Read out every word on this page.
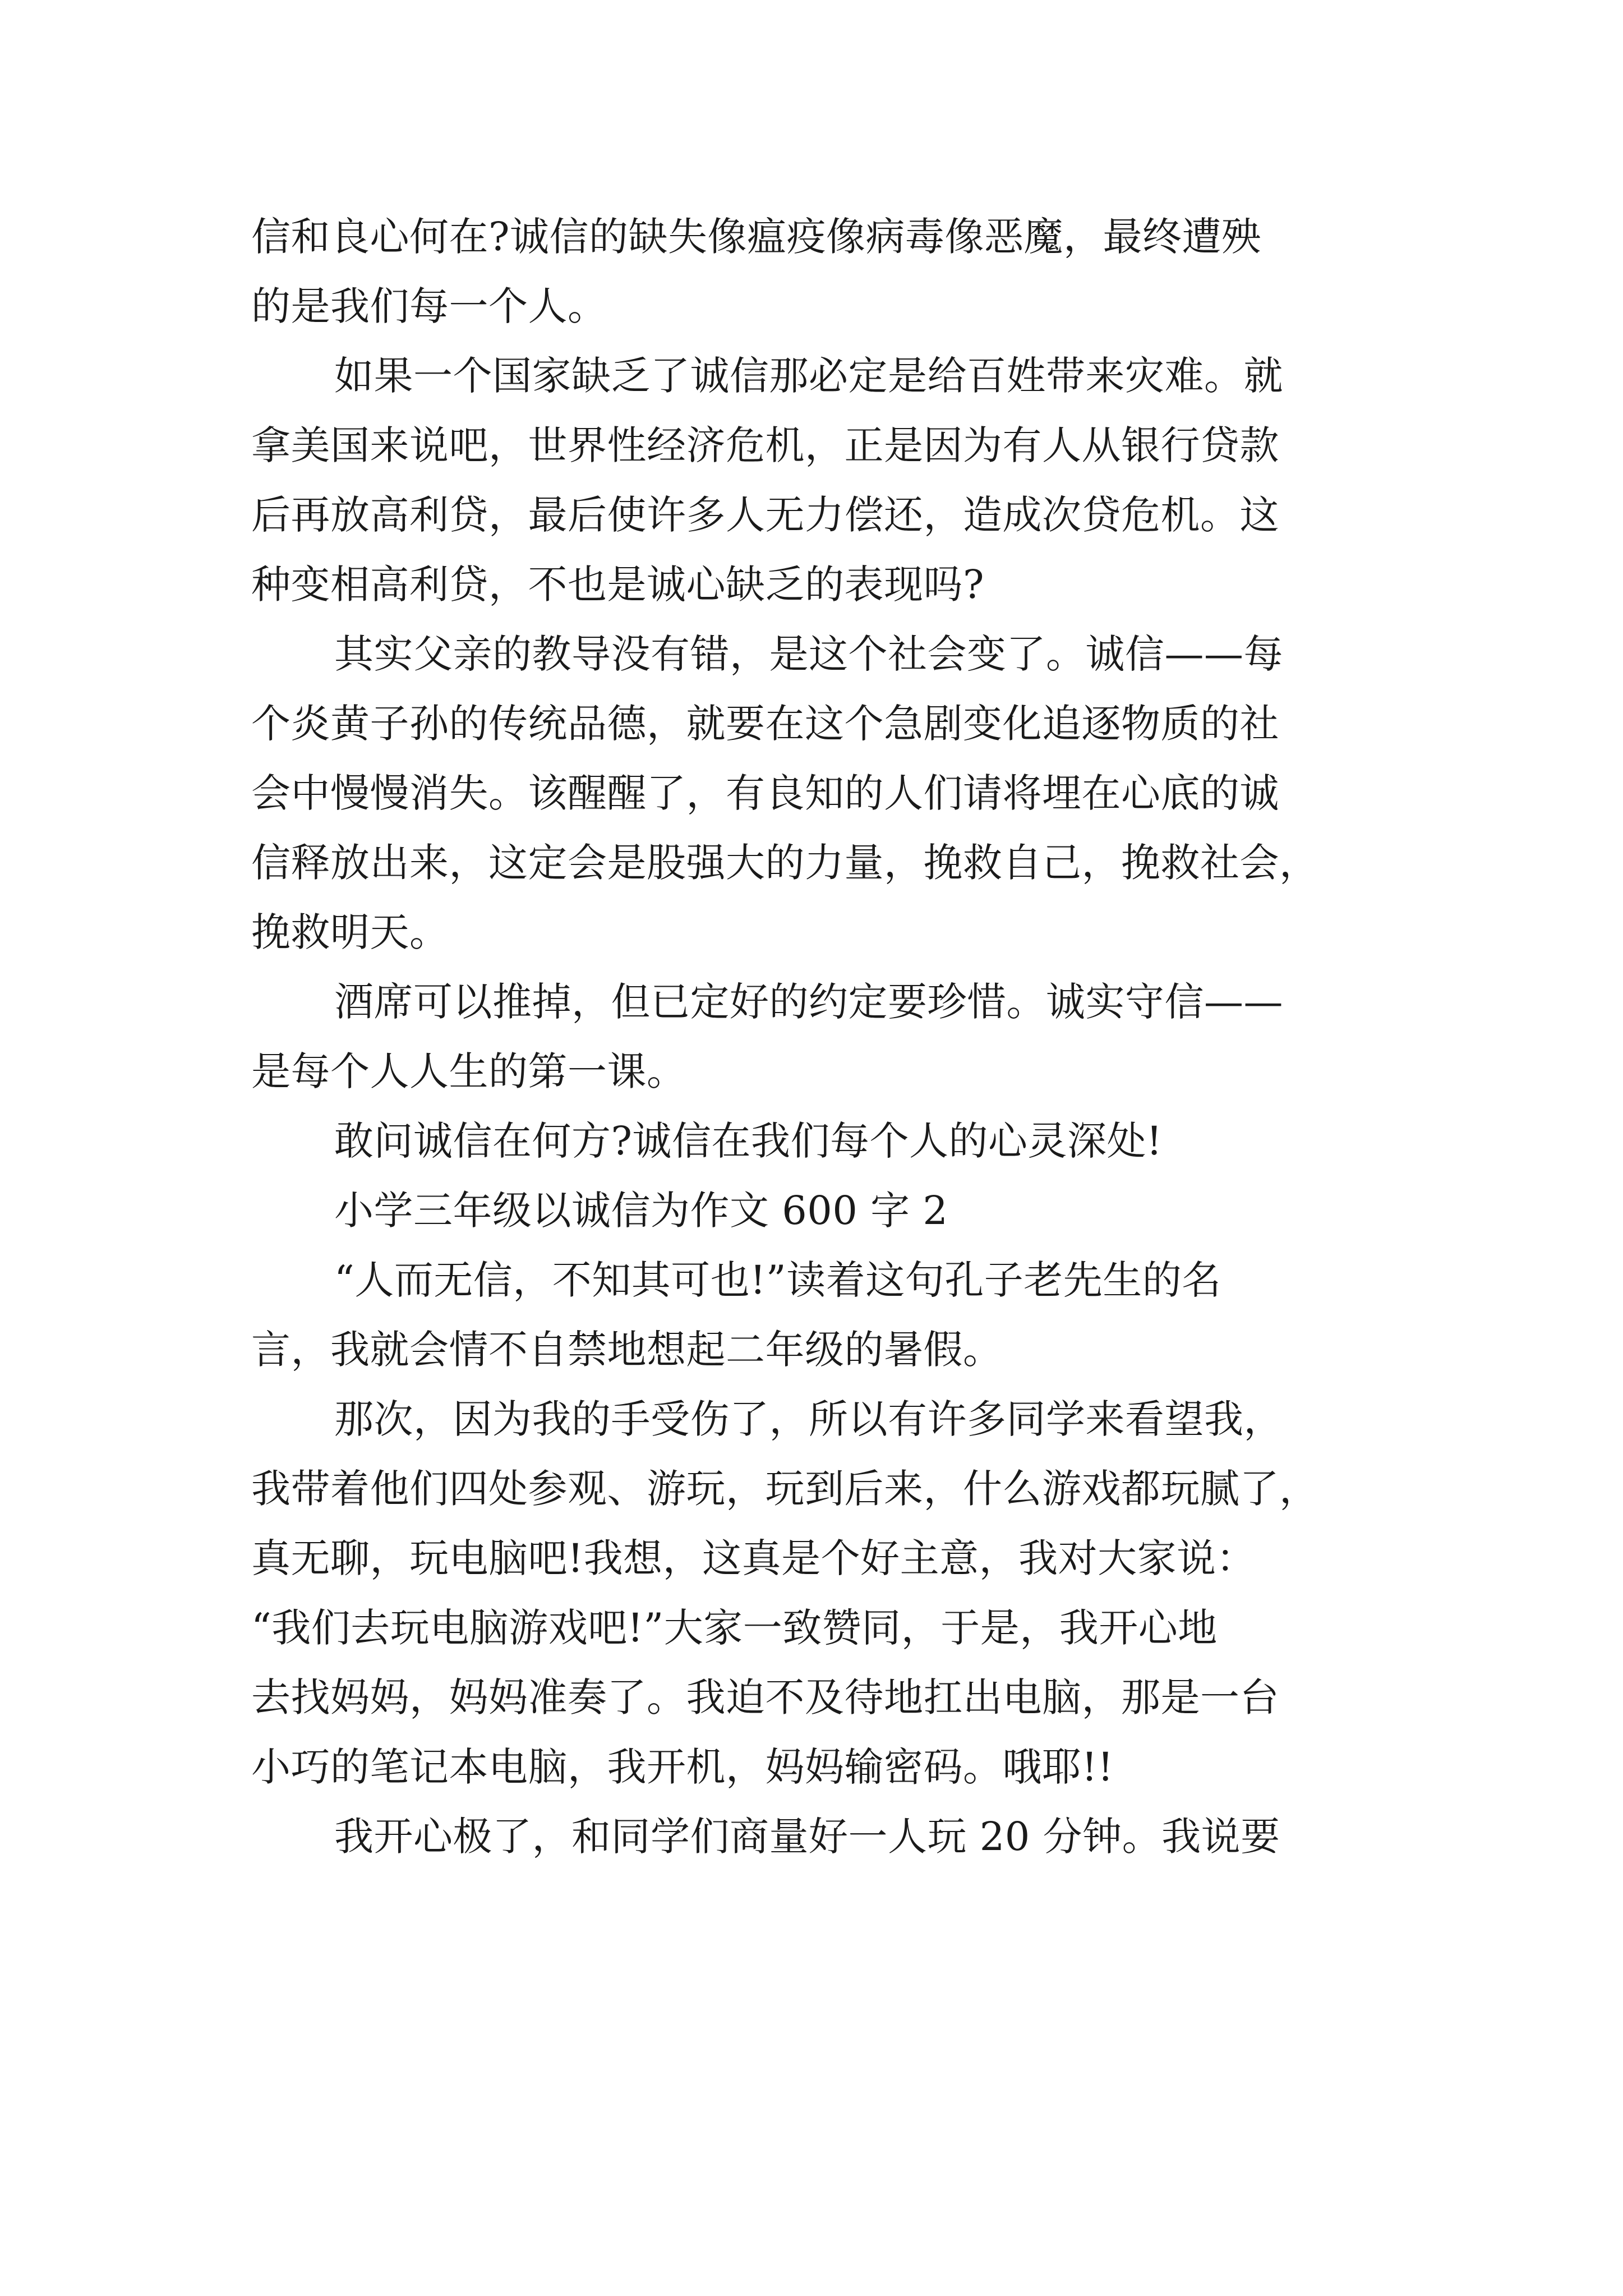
信和良心何在?诚信的缺失像瘟疫像病毒像恶魔，最终遭殃
的是我们每一个人。
如果一个国家缺乏了诚信那必定是给百姓带来灾难。就
拿美国来说吧，世界性经济危机，正是因为有人从银行贷款
后再放高利贷，最后使许多人无力偿还，造成次贷危机。这
种变相高利贷，不也是诚心缺乏的表现吗?
其实父亲的教导没有错，是这个社会变了。诚信——每
个炎黄子孙的传统品德，就要在这个急剧变化追逐物质的社
会中慢慢消失。该醒醒了，有良知的人们请将埋在心底的诚
信释放出来，这定会是股强大的力量，挽救自己，挽救社会，
挽救明天。
酒席可以推掉，但已定好的约定要珍惜。诚实守信——
是每个人人生的第一课。
敢问诚信在何方?诚信在我们每个人的心灵深处!
小学三年级以诚信为作文 600 字 2
“人而无信，不知其可也!”读着这句孔子老先生的名
言，我就会情不自禁地想起二年级的暑假。
那次，因为我的手受伤了，所以有许多同学来看望我，
我带着他们四处参观、游玩，玩到后来，什么游戏都玩腻了，
真无聊，玩电脑吧!我想，这真是个好主意，我对大家说：
“我们去玩电脑游戏吧!”大家一致赞同，于是，我开心地
去找妈妈，妈妈准奏了。我迫不及待地扛出电脑，那是一台
小巧的笔记本电脑，我开机，妈妈输密码。哦耶!!
我开心极了，和同学们商量好一人玩 20 分钟。我说要
